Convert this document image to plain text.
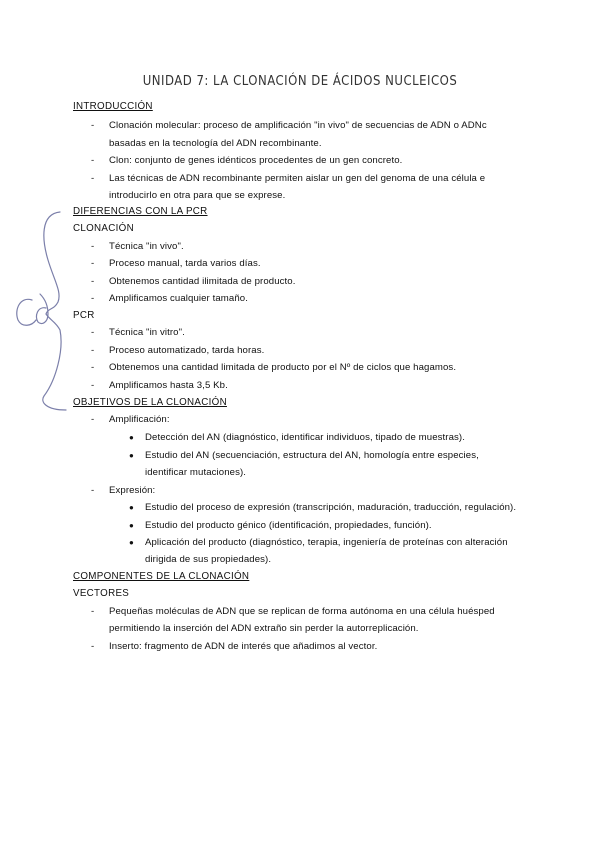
UNIDAD 7: LA CLONACIÓN DE ÁCIDOS NUCLEICOS
INTRODUCCIÓN
- Clonación molecular: proceso de amplificación "in vivo" de secuencias de ADN o ADNc
basadas en la tecnología del ADN recombinante.
- Clon: conjunto de genes idénticos procedentes de un gen concreto.
- Las técnicas de ADN recombinante permiten aislar un gen del genoma de una célula e
introducirlo en otra para que se exprese.
DIFERENCIAS CON LA PCR
CLONACIÓN
- Técnica "in vivo".
- Proceso manual, tarda varios días.
- Obtenemos cantidad ilimitada de producto.
- Amplificamos cualquier tamaño.
PCR
- Técnica "in vitro".
- Proceso automatizado, tarda horas.
- Obtenemos una cantidad limitada de producto por el Nº de ciclos que hagamos.
- Amplificamos hasta 3,5 Kb.
OBJETIVOS DE LA CLONACIÓN
- Amplificación:
● Detección del AN (diagnóstico, identificar individuos, tipado de muestras).
● Estudio del AN (secuenciación, estructura del AN, homología entre especies,
identificar mutaciones).
- Expresión:
● Estudio del proceso de expresión (transcripción, maduración, traducción, regulación).
● Estudio del producto génico (identificación, propiedades, función).
● Aplicación del producto (diagnóstico, terapia, ingeniería de proteínas con alteración
dirigida de sus propiedades).
COMPONENTES DE LA CLONACIÓN
VECTORES
- Pequeñas moléculas de ADN que se replican de forma autónoma en una célula huésped
permitiendo la inserción del ADN extraño sin perder la autorreplicación.
- Inserto: fragmento de ADN de interés que añadimos al vector.
